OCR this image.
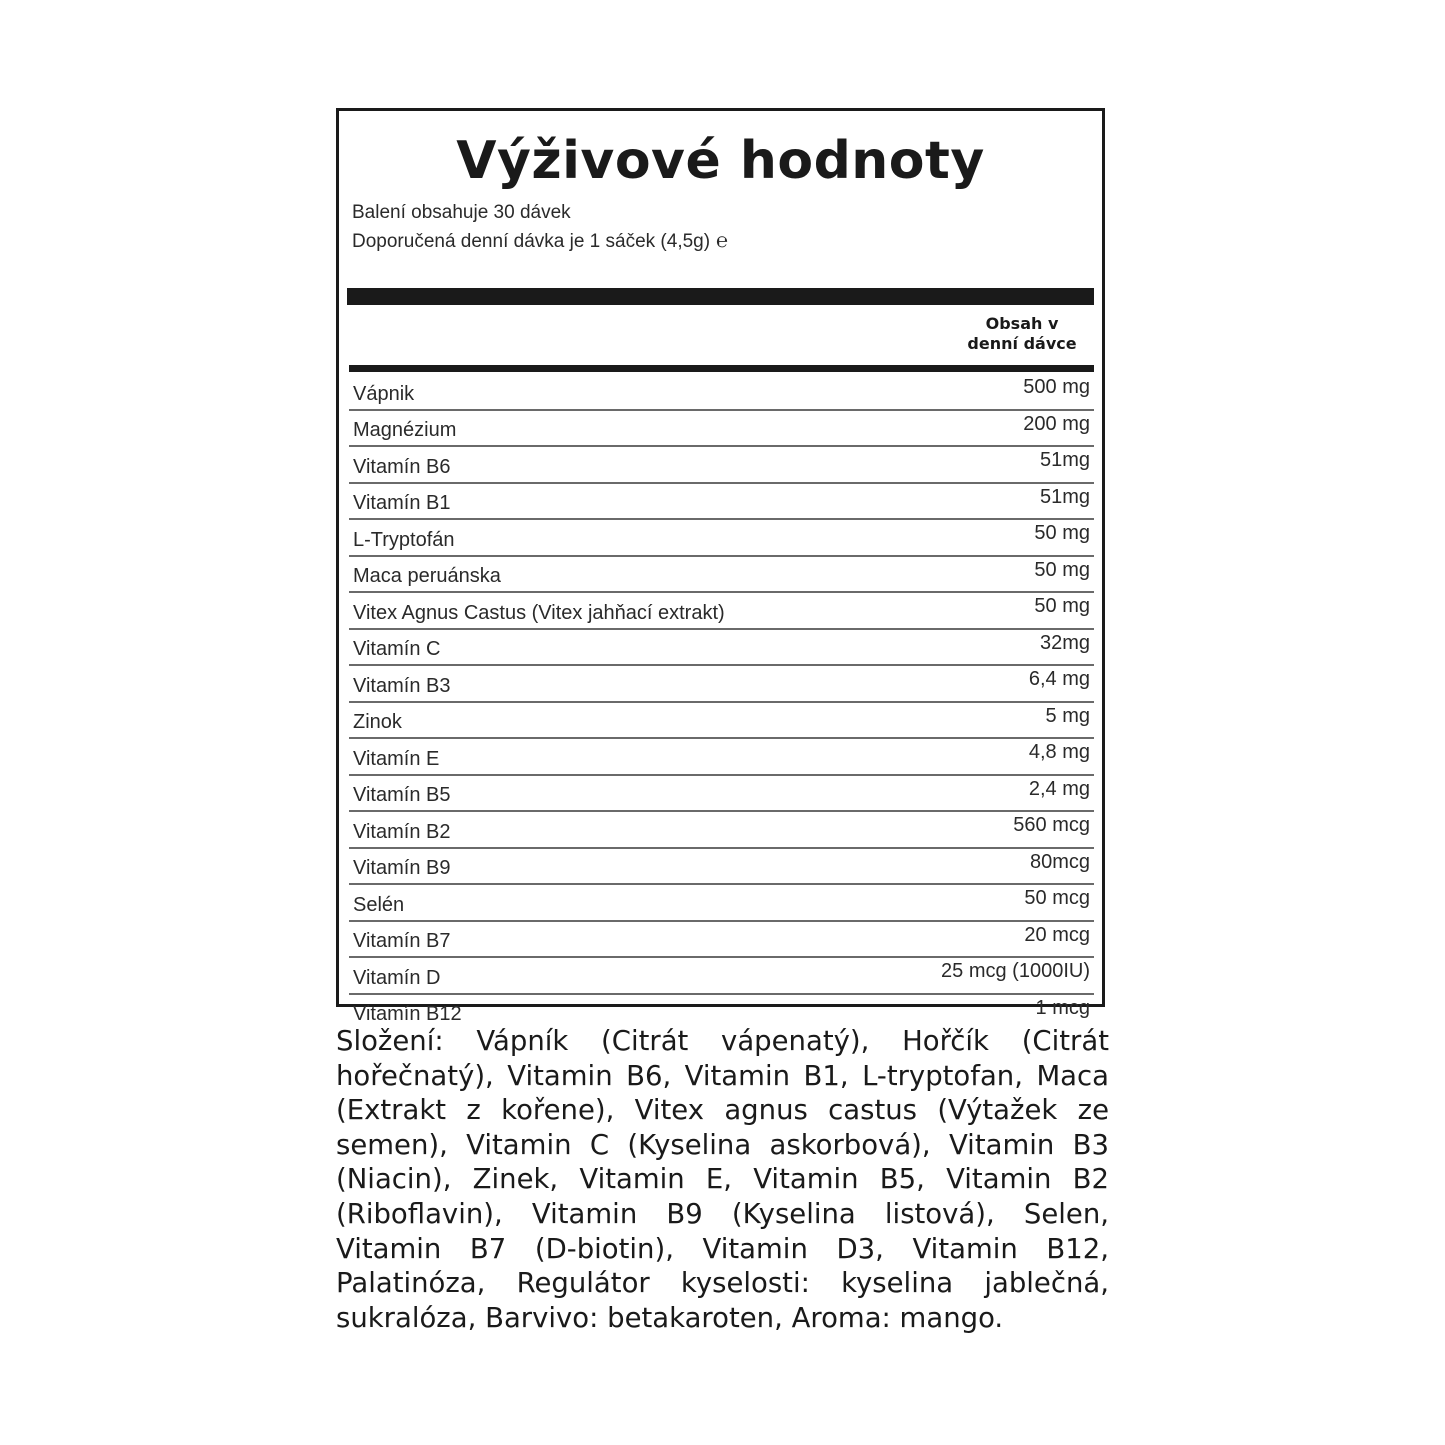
Výživové hodnoty
Balení obsahuje 30 dávek
Doporučená denní dávka je 1 sáček (4,5g) ℮
Obsah v
denní dávce
Vápnik	500 mg
Magnézium	200 mg
Vitamín B6	51mg
Vitamín B1	51mg
L-Tryptofán	50 mg
Maca peruánska	50 mg
Vitex Agnus Castus (Vitex jahňací extrakt)	50 mg
Vitamín C	32mg
Vitamín B3	6,4 mg
Zinok	5 mg
Vitamín E	4,8 mg
Vitamín B5	2,4 mg
Vitamín B2	560 mcg
Vitamín B9	80mcg
Selén	50 mcg
Vitamín B7	20 mcg
Vitamín D	25 mcg (1000IU)
Vitamín B12	1 mcg
Složení: Vápník (Citrát vápenatý), Hořčík (Citrát hořečnatý), Vitamin B6, Vitamin B1, L-tryptofan, Maca (Extrakt z kořene), Vitex agnus castus (Výtažek ze semen), Vitamin C (Kyselina askorbová), Vitamin B3 (Niacin), Zinek, Vitamin E, Vitamin B5, Vitamin B2 (Riboflavin), Vitamin B9 (Kyselina listová), Selen, Vitamin B7 (D-biotin), Vitamin D3, Vitamin B12, Palatinóza, Regulátor kyselosti: kyselina jablečná, sukralóza, Barvivo: betakaroten, Aroma: mango.
